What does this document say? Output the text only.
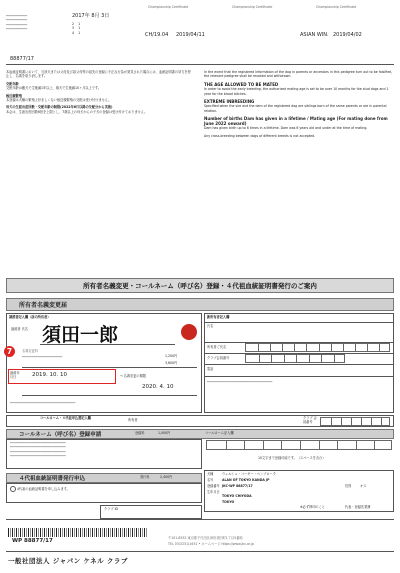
Championship Certificate	Championship Certificate	Championship Certificate
━━━━━━━━━━━
━━━━━━━━━━━
━━━━━━━━━━━
━━━━━━━━━━━
2017年 8月 3日
2    1
3    1
4    1	CH/19.04 2019/04/11	ASIAN WIN. 2019/04/02
88877/17
本血統証明書において、当該犬または父母及び祖父母等の祖先の登録に不正な行為が発見された場合には、血統証明書の効力を停止し、名義を取り消します。
交配年齢
交配年齢は雌犬で生後満1年以上、雄犬で生後満10ヶ月以上です。
極近親繁殖
本登録は犬種の繁殖上好ましくない極近親繁殖の交配は受け付けません。
母犬の生涯出産回数・交配年齢の制限(2022年6月以降の交配分から実施)
本会は、生涯出産回数6回を上限とし、7歳以上の母犬からの子犬の登録は受け付けておりません。
In the event that the registered information of the dog in parents or ancestors in this pedigree turn out to be falsified, the relevant pedigree shall be revoked and withdrawn.
THE AGE ALLOWED TO BE MATED
In order to avoid the early breeding, the authorized mating age is set to be over 10 months for the stud dogs and 1 year for the brood bitches.
EXTREME INBREEDING
Specified when the sire and the dam of the registered dog are siblings born of the same parents or are in parental relation.
Number of births Dam has given in a lifetime / Mating age (For mating done from June 2022 onward)
Dam has given birth up to 6 times in a lifetime. Dam was 6 years old and under at the time of mating.
Any cross-breeding between dogs of different breeds is not accepted.
所有者名義変更・コールネーム（呼び名）登録・４代祖血統証明書発行のご案内
所有者名義変更届
譲渡者記入欄（前の所有者）
譲渡者 氏名 須田一郎
名義変更料
━━━━━━━━━━━━━━━━━━━━━	1,200円
3,600円
7
譲渡年月日	2019. 10. 10	→ 名義変更の期限
2020. 4. 10
━━━━━━━━━━━━━━━━━━━━━━━━━━━━━━━━━━
新所有者記入欄
氏名
所有者ご氏名
クラブ会員番号
電話
━━━━━━━━━━━━━━━━━━━━━━━━━━━━━━━━━━
コールネーム・４代祖申込書記入欄	所有者	クラブ 会員番号
コールネーム（呼び名）登録申請	登録料	1,000円	コールネーム記入欄
━━━━━━━━━━━━━━━━━━━━━━━━━━━━━
━━━━━━━━━━━━━━━━━━━━━━━━━━━━━
━━━━━━━━━━━━━━━━━━━━━━━━━━━━━
━━━━━━━━━━━━━━━━━━━━━━━━━━━━━	10文字まで登録可能です。（スペースを含む）
４代祖血統証明書発行申込	発行料	2,400円
4代祖の血統証明書を申し込みます。
犬種	ウェルシュ・コーギー・ペンブローク
名号	ALAN OF TOKYO KANDA JP
登録番号 JKC-WP 88877/17	性別	オス
生年月日
TOKYO CHIYODA
TOKYO
※必ず押印のこと	代表・登録先業務
クラブ ID
WP 88877/17	〒101-8552 東京都千代田区神田須田町1丁目5番地
TEL 03(3251)1651 • ホームページ https://www.jkc.or.jp
一般社団法人 ジャパン ケネル クラブ
